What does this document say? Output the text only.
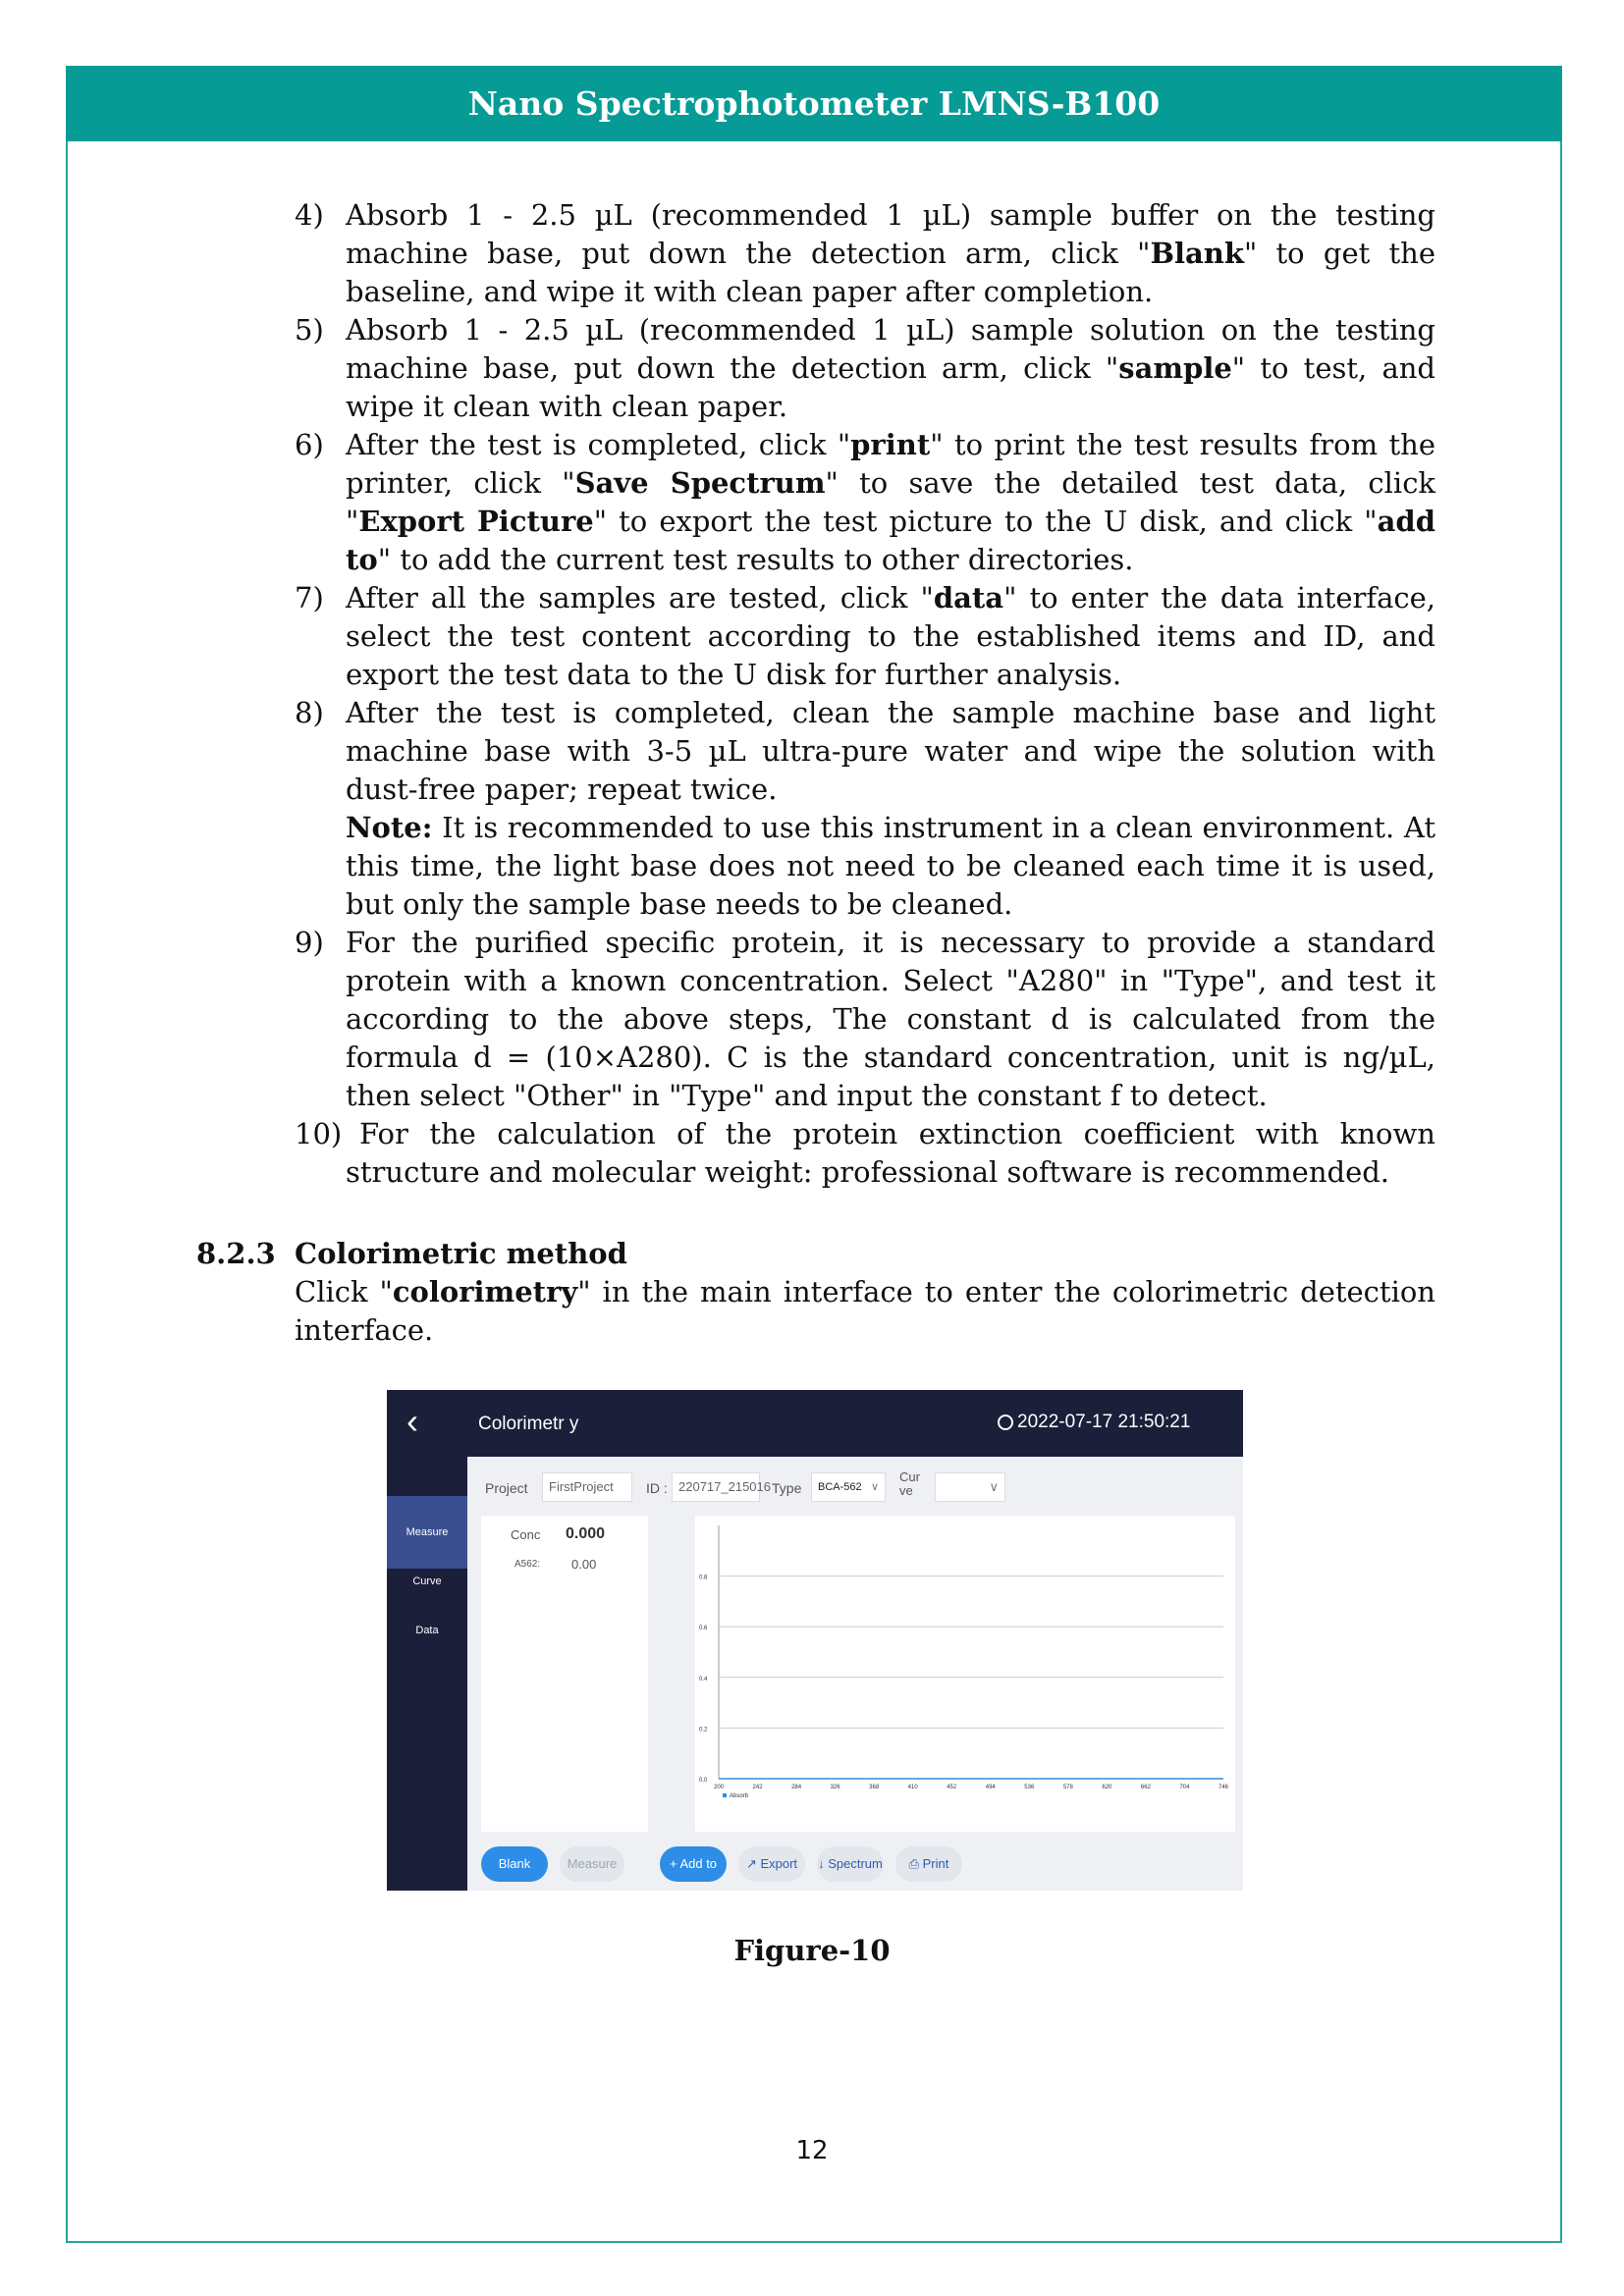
Nano Spectrophotometer LMNS-B100
4) Absorb 1 - 2.5 µL (recommended 1 µL) sample buffer on the testing machine base, put down the detection arm, click "Blank" to get the baseline, and wipe it with clean paper after completion.

5) Absorb 1 - 2.5 µL (recommended 1 µL) sample solution on the testing machine base, put down the detection arm, click "sample" to test, and wipe it clean with clean paper.

6) After the test is completed, click "print" to print the test results from the printer, click "Save Spectrum" to save the detailed test data, click "Export Picture" to export the test picture to the U disk, and click "add to" to add the current test results to other directories.

7) After all the samples are tested, click "data" to enter the data interface, select the test content according to the established items and ID, and export the test data to the U disk for further analysis.

8) After the test is completed, clean the sample machine base and light machine base with 3-5 µL ultra-pure water and wipe the solution with dust-free paper; repeat twice.
Note: It is recommended to use this instrument in a clean environment. At this time, the light base does not need to be cleaned each time it is used, but only the sample base needs to be cleaned.

9) For the purified specific protein, it is necessary to provide a standard protein with a known concentration. Select "A280" in "Type", and test it according to the above steps, The constant d is calculated from the formula d = (10×A280). C is the standard concentration, unit is ng/µL, then select "Other" in "Type" and input the constant f to detect.

10) For the calculation of the protein extinction coefficient with known structure and molecular weight: professional software is recommended.

8.2.3 Colorimetric method
Click "colorimetry" in the main interface to enter the colorimetric detection interface.
‹	Colorimetr y	2022-07-17 21:50:21
Measure
Curve
Data
Project	FirstProject	ID : 220717_215016 Type	BCA-562 ∨
Cur ve	∨
Conc 0.000
A562: 0.00
0.0
0.2
0.4
0.6
0.8
200	242	284	326	368	410	452	494	536	578	620	662	704	746
Absorb
Blank	Measure	+ Add to	↗ Export	↓ Spectrum	⎙ Print
Figure-10
12
